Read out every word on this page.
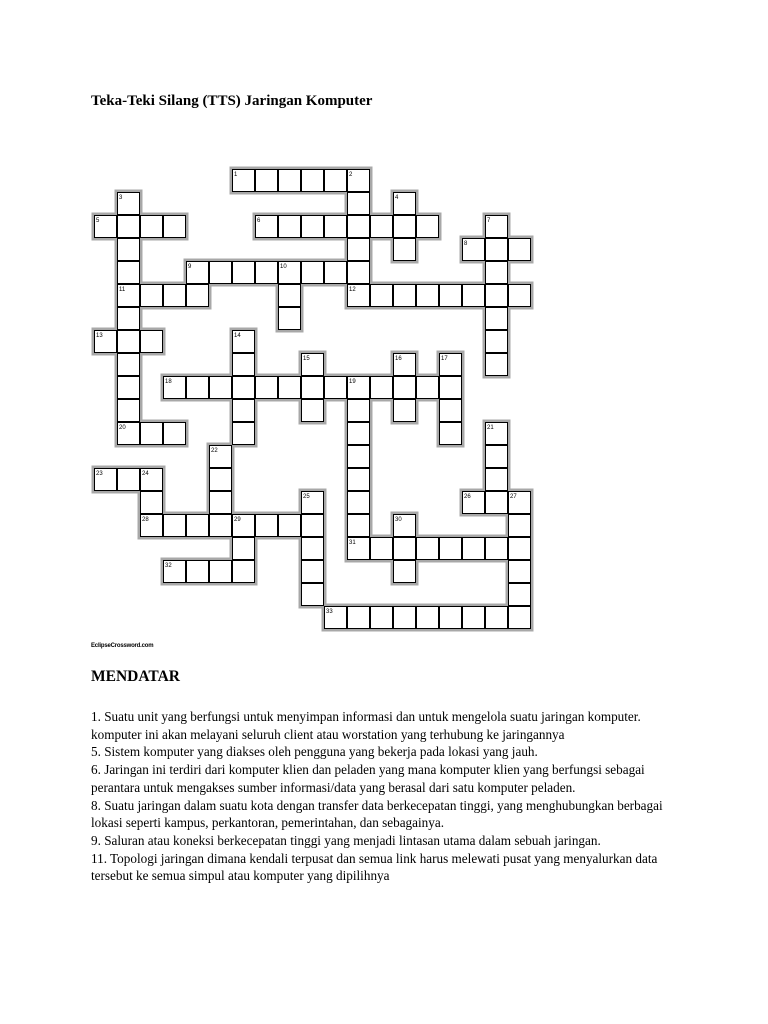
Teka-Teki Silang (TTS) Jaringan Komputer
1	2
3	4
5	6	7
8
9	10
11	12
13	14
15	16	17
18	19
20	21
22
23	24
25	26	27
28	29	30
31
32
33
EclipseCrossword.com
MENDATAR

1. Suatu unit yang berfungsi untuk menyimpan informasi dan untuk mengelola suatu jaringan komputer. komputer ini akan melayani seluruh client atau worstation yang terhubung ke jaringannya

5. Sistem komputer yang diakses oleh pengguna yang bekerja pada lokasi yang jauh.

6. Jaringan ini terdiri dari komputer klien dan peladen yang mana komputer klien yang berfungsi sebagai perantara untuk mengakses sumber informasi/data yang berasal dari satu komputer peladen.

8. Suatu jaringan dalam suatu kota dengan transfer data berkecepatan tinggi, yang menghubungkan berbagai lokasi seperti kampus, perkantoran, pemerintahan, dan sebagainya.

9. Saluran atau koneksi berkecepatan tinggi yang menjadi lintasan utama dalam sebuah jaringan.

11. Topologi jaringan dimana kendali terpusat dan semua link harus melewati pusat yang menyalurkan data tersebut ke semua simpul atau komputer yang dipilihnya
